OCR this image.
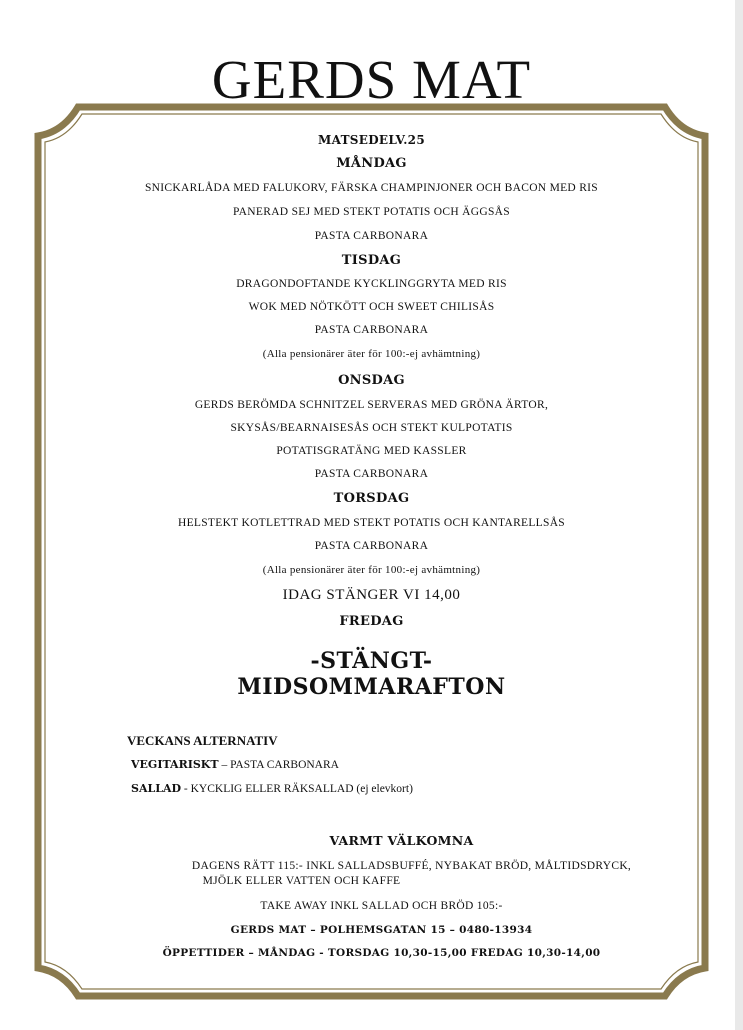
GERDS MAT
MATSEDELV.25
MÅNDAG
SNICKARLÅDA MED FALUKORV, FÄRSKA CHAMPINJONER OCH BACON MED RIS
PANERAD SEJ MED STEKT POTATIS OCH ÄGGSÅS
PASTA CARBONARA
TISDAG
DRAGONDOFTANDE KYCKLINGGRYTA MED RIS
WOK MED NÖTKÖTT OCH SWEET CHILISÅS
PASTA CARBONARA
(Alla pensionärer äter för 100:-ej avhämtning)
ONSDAG
GERDS BERÖMDA SCHNITZEL SERVERAS MED GRÖNA ÄRTOR,
SKYSÅS/BEARNAISESÅS OCH STEKT KULPOTATIS
POTATISGRATÄNG MED KASSLER
PASTA CARBONARA
TORSDAG
HELSTEKT KOTLETTRAD MED STEKT POTATIS OCH KANTARELLSÅS
PASTA CARBONARA
(Alla pensionärer äter för 100:-ej avhämtning)
IDAG STÄNGER VI 14,00
FREDAG
-STÄNGT-
MIDSOMMARAFTON
VECKANS ALTERNATIV
VEGITARISKT – PASTA CARBONARA
SALLAD - KYCKLIG ELLER RÄKSALLAD (ej elevkort)
VARMT VÄLKOMNA
DAGENS RÄTT 115:- INKL SALLADSBUFFÉ, NYBAKAT BRÖD, MÅLTIDSDRYCK,
MJÖLK ELLER VATTEN OCH KAFFE
TAKE AWAY INKL SALLAD OCH BRÖD 105:-
GERDS MAT – POLHEMSGATAN 15 – 0480-13934
ÖPPETTIDER – MÅNDAG - TORSDAG 10,30-15,00 FREDAG 10,30-14,00
